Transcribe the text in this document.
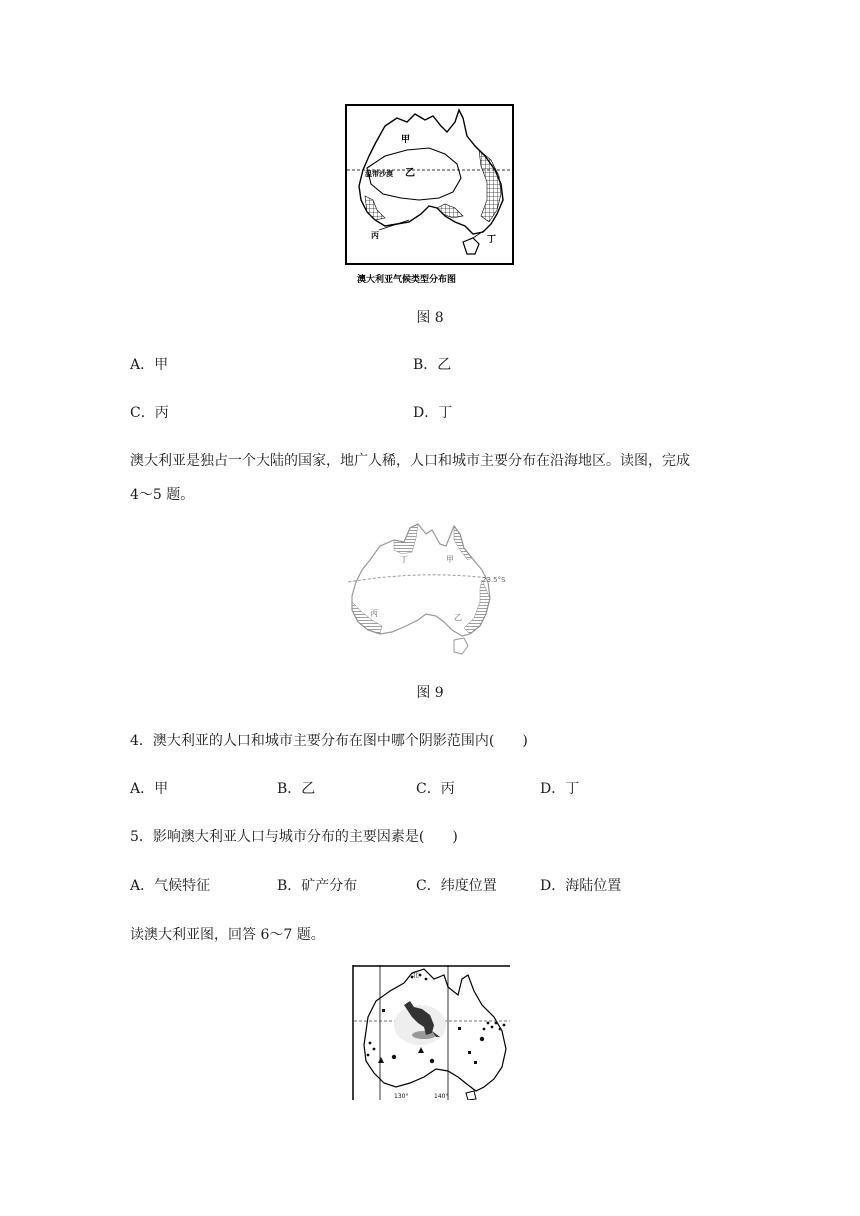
甲
温带沙漠 乙
丙	丁
澳大利亚气候类型分布图
图 8
A．甲	B．乙
C．丙	D．丁
澳大利亚是独占一个大陆的国家，地广人稀，人口和城市主要分布在沿海地区。读图，完成
4～5 题。
丁	甲
23.5°S
丙	乙
图 9
4．澳大利亚的人口和城市主要分布在图中哪个阴影范围内(　　)
A．甲	B．乙	C．丙	D．丁
5．影响澳大利亚人口与城市分布的主要因素是(　　)
A．气候特征	B．矿产分布	C．纬度位置	D．海陆位置
读澳大利亚图，回答 6～7 题。
北
130°	140°
